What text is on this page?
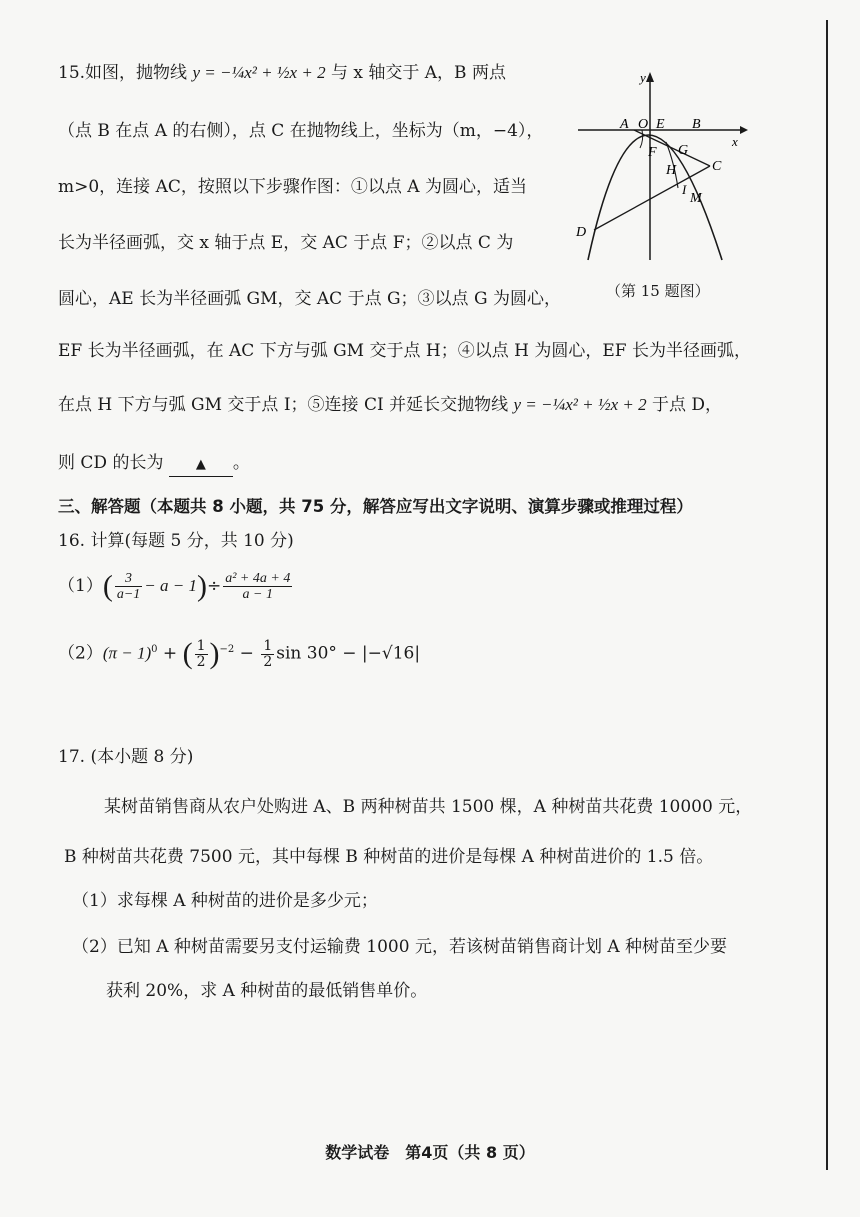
15.如图，抛物线 y = −¼x² + ½x + 2 与 x 轴交于 A，B 两点
（点 B 在点 A 的右侧），点 C 在抛物线上，坐标为（m，−4），
m>0，连接 AC，按照以下步骤作图：①以点 A 为圆心，适当
长为半径画弧，交 x 轴于点 E，交 AC 于点 F；②以点 C 为
圆心，AE 长为半径画弧 GM，交 AC 于点 G；③以点 G 为圆心，
EF 长为半径画弧，在 AC 下方与弧 GM 交于点 H；④以点 H 为圆心，EF 长为半径画弧，
在点 H 下方与弧 GM 交于点 I；⑤连接 CI 并延长交抛物线 y = −¼x² + ½x + 2 于点 D，
则 CD 的长为 ▲ 。
y
x
A O E B
F G
H	C
I
M
D
（第 15 题图）
三、解答题（本题共 8 小题，共 75 分，解答应写出文字说明、演算步骤或推理过程）
16. 计算(每题 5 分，共 10 分)
$(1)( \frac{3}{a-1} - a - 1)\div \frac{\text{a² + 4a + 4}}{a - 1}$
$(2)(\pi - 1)^0$ + ( $\frac{1}{2} )^{-2} - \frac{1}{2}$ sin 30° − |−√16|
17. (本小题 8 分)
某树苗销售商从农户处购进 A、B 两种树苗共 1500 棵，A 种树苗共花费 10000 元，
B 种树苗共花费 7500 元，其中每棵 B 种树苗的进价是每棵 A 种树苗进价的 1.5 倍。
（1）求每棵 A 种树苗的进价是多少元；
（2）已知 A 种树苗需要另支付运输费 1000 元，若该树苗销售商计划 A 种树苗至少要
获利 20%，求 A 种树苗的最低销售单价。
数学试卷　第4页（共 8 页）
